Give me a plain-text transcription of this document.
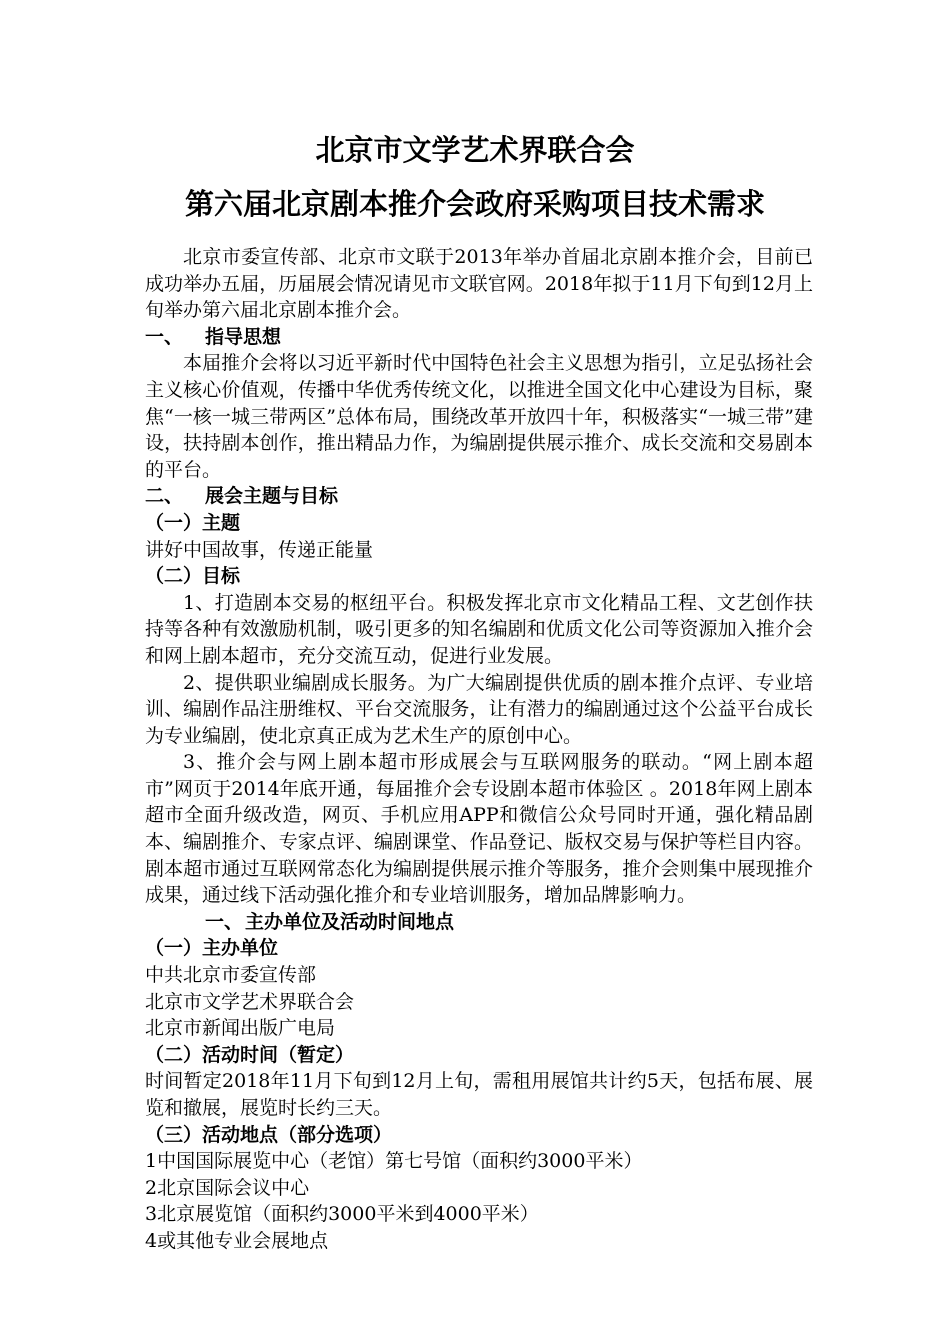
北京市文学艺术界联合会
第六届北京剧本推介会政府采购项目技术需求

北京市委宣传部、北京市文联于2013年举办首届北京剧本推介会，目前已成功举办五届，历届展会情况请见市文联官网。2018年拟于11月下旬到12月上旬举办第六届北京剧本推介会。

一、 指导思想

本届推介会将以习近平新时代中国特色社会主义思想为指引，立足弘扬社会主义核心价值观，传播中华优秀传统文化，以推进全国文化中心建设为目标，聚焦“一核一城三带两区”总体布局，围绕改革开放四十年，积极落实“一城三带”建设，扶持剧本创作，推出精品力作，为编剧提供展示推介、成长交流和交易剧本的平台。

二、 展会主题与目标

（一）主题

讲好中国故事，传递正能量

（二）目标

1、打造剧本交易的枢纽平台。积极发挥北京市文化精品工程、文艺创作扶持等各种有效激励机制，吸引更多的知名编剧和优质文化公司等资源加入推介会和网上剧本超市，充分交流互动，促进行业发展。

2、提供职业编剧成长服务。为广大编剧提供优质的剧本推介点评、专业培训、编剧作品注册维权、平台交流服务，让有潜力的编剧通过这个公益平台成长为专业编剧，使北京真正成为艺术生产的原创中心。

3、推介会与网上剧本超市形成展会与互联网服务的联动。“网上剧本超市”网页于2014年底开通，每届推介会专设剧本超市体验区 。2018年网上剧本超市全面升级改造，网页、手机应用APP和微信公众号同时开通，强化精品剧本、编剧推介、专家点评、编剧课堂、作品登记、版权交易与保护等栏目内容。剧本超市通过互联网常态化为编剧提供展示推介等服务，推介会则集中展现推介成果，通过线下活动强化推介和专业培训服务，增加品牌影响力。

一、 主办单位及活动时间地点

（一）主办单位

中共北京市委宣传部

北京市文学艺术界联合会

北京市新闻出版广电局

（二）活动时间（暂定）

时间暂定2018年11月下旬到12月上旬，需租用展馆共计约5天，包括布展、展览和撤展，展览时长约三天。

（三）活动地点（部分选项）

1中国国际展览中心（老馆）第七号馆（面积约3000平米）

2北京国际会议中心

3北京展览馆（面积约3000平米到4000平米）

4或其他专业会展地点
